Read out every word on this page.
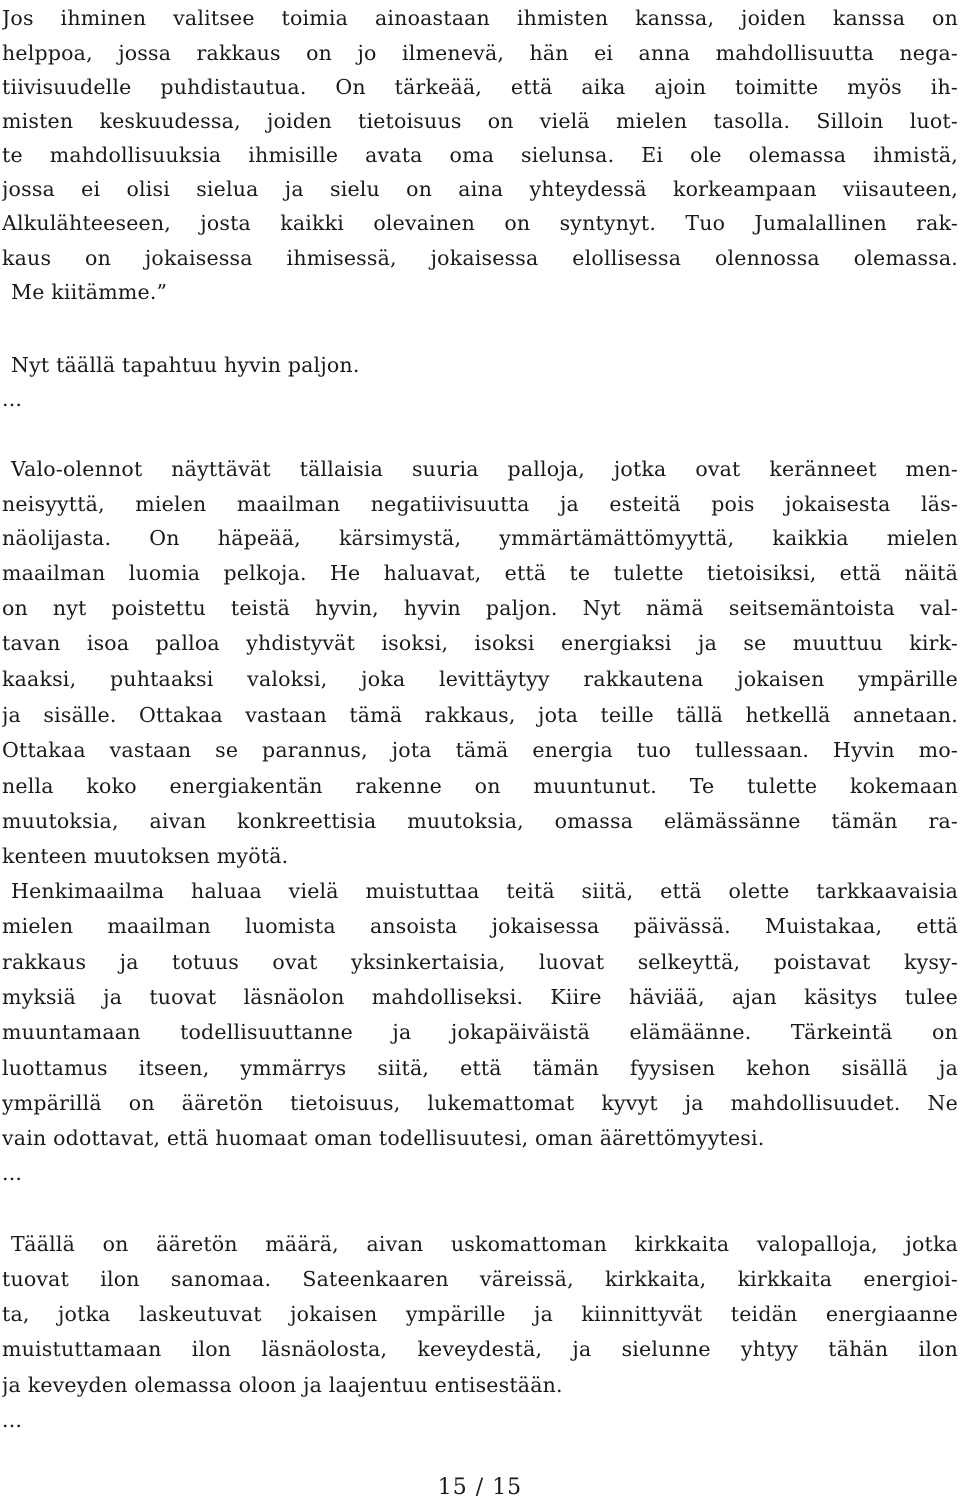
Jos ihminen valitsee toimia ainoastaan ihmisten kanssa, joiden kanssa on
helppoa, jossa rakkaus on jo ilmenevä, hän ei anna mahdollisuutta nega-
tiivisuudelle puhdistautua. On tärkeää, että aika ajoin toimitte myös ih-
misten keskuudessa, joiden tietoisuus on vielä mielen tasolla. Silloin luot-
te mahdollisuuksia ihmisille avata oma sielunsa. Ei ole olemassa ihmistä,
jossa ei olisi sielua ja sielu on aina yhteydessä korkeampaan viisauteen,
Alkulähteeseen, josta kaikki olevainen on syntynyt. Tuo Jumalallinen rak-
kaus on jokaisessa ihmisessä, jokaisessa elollisessa olennossa olemassa.
Me kiitämme.”
Nyt täällä tapahtuu hyvin paljon.
...
Valo-olennot näyttävät tällaisia suuria palloja, jotka ovat keränneet men-
neisyyttä, mielen maailman negatiivisuutta ja esteitä pois jokaisesta läs-
näolijasta. On häpeää, kärsimystä, ymmärtämättömyyttä, kaikkia mielen
maailman luomia pelkoja. He haluavat, että te tulette tietoisiksi, että näitä
on nyt poistettu teistä hyvin, hyvin paljon. Nyt nämä seitsemäntoista val-
tavan isoa palloa yhdistyvät isoksi, isoksi energiaksi ja se muuttuu kirk-
kaaksi, puhtaaksi valoksi, joka levittäytyy rakkautena jokaisen ympärille
ja sisälle. Ottakaa vastaan tämä rakkaus, jota teille tällä hetkellä annetaan.
Ottakaa vastaan se parannus, jota tämä energia tuo tullessaan. Hyvin mo-
nella koko energiakentän rakenne on muuntunut. Te tulette kokemaan
muutoksia, aivan konkreettisia muutoksia, omassa elämässänne tämän ra-
kenteen muutoksen myötä.
Henkimaailma haluaa vielä muistuttaa teitä siitä, että olette tarkkaavaisia
mielen maailman luomista ansoista jokaisessa päivässä. Muistakaa, että
rakkaus ja totuus ovat yksinkertaisia, luovat selkeyttä, poistavat kysy-
myksiä ja tuovat läsnäolon mahdolliseksi. Kiire häviää, ajan käsitys tulee
muuntamaan todellisuuttanne ja jokapäiväistä elämäänne. Tärkeintä on
luottamus itseen, ymmärrys siitä, että tämän fyysisen kehon sisällä ja
ympärillä on ääretön tietoisuus, lukemattomat kyvyt ja mahdollisuudet. Ne
vain odottavat, että huomaat oman todellisuutesi, oman äärettömyytesi.
...
Täällä on ääretön määrä, aivan uskomattoman kirkkaita valopalloja, jotka
tuovat ilon sanomaa. Sateenkaaren väreissä, kirkkaita, kirkkaita energioi-
ta, jotka laskeutuvat jokaisen ympärille ja kiinnittyvät teidän energiaanne
muistuttamaan ilon läsnäolosta, keveydestä, ja sielunne yhtyy tähän ilon
ja keveyden olemassa oloon ja laajentuu entisestään.
...
15 / 15
